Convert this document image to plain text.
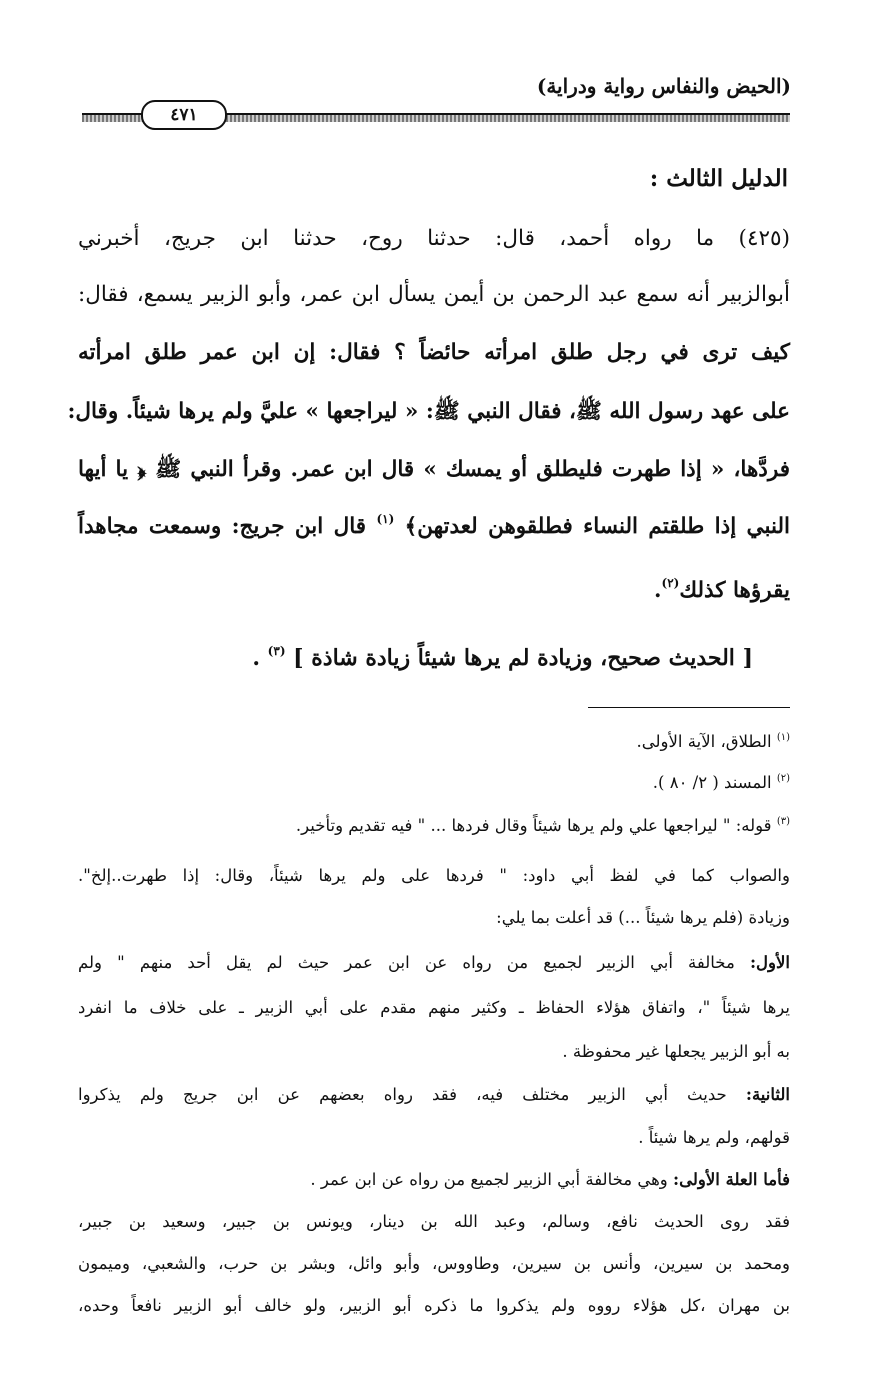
(الحيض والنفاس رواية ودراية)
٤٧١
الدليل الثالث :
(٤٢٥) ما رواه أحمد، قال: حدثنا روح، حدثنا ابن جريج، أخبرني
أبوالزبير أنه سمع عبد الرحمن بن أيمن يسأل ابن عمر، وأبو الزبير يسمع، فقال:
كيف ترى في رجل طلق امرأته حائضاً ؟ فقال: إن ابن عمر طلق امرأته
على عهد رسول الله ﷺ، فقال النبي ﷺ: « ليراجعها » عليَّ ولم يرها شيئاً. وقال:
فردَّها، « إذا طهرت فليطلق أو يمسك » قال ابن عمر. وقرأ النبي ﷺ ﴿ يا أيها
النبي إذا طلقتم النساء فطلقوهن لعدتهن﴾ $^{(١)}$ قال ابن جريج: وسمعت مجاهداً
يقرؤها كذلك$^{(٢)}$.
[ الحديث صحيح، وزيادة لم يرها شيئاً زيادة شاذة ] $^{(٣)}$ .
$^{(١)}$ الطلاق، الآية الأولى.
$^{(٢)}$ المسند ( ٢/ ٨٠ ).
$^{(٣)}$ قوله: " ليراجعها علي ولم يرها شيئاً وقال فردها ... " فيه تقديم وتأخير.
والصواب كما في لفظ أبي داود: " فردها على ولم يرها شيئاً، وقال: إذا طهرت..إلخ".
وزيادة (فلم يرها شيئاً ...) قد أعلت بما يلي:
الأول: مخالفة أبي الزبير لجميع من رواه عن ابن عمر حيث لم يقل أحد منهم " ولم
يرها شيئاً "، واتفاق هؤلاء الحفاظ ـ وكثير منهم مقدم على أبي الزبير ـ على خلاف ما انفرد
به أبو الزبير يجعلها غير محفوظة .
الثانية: حديث أبي الزبير مختلف فيه، فقد رواه بعضهم عن ابن جريج ولم يذكروا
قولهم، ولم يرها شيئاً .
فأما العلة الأولى: وهي مخالفة أبي الزبير لجميع من رواه عن ابن عمر .
فقد روى الحديث نافع، وسالم، وعبد الله بن دينار، ويونس بن جبير، وسعيد بن جبير،
ومحمد بن سيرين، وأنس بن سيرين، وطاووس، وأبو وائل، وبشر بن حرب، والشعبي، وميمون
بن مهران ،كل هؤلاء رووه ولم يذكروا ما ذكره أبو الزبير، ولو خالف أبو الزبير نافعاً وحده،
